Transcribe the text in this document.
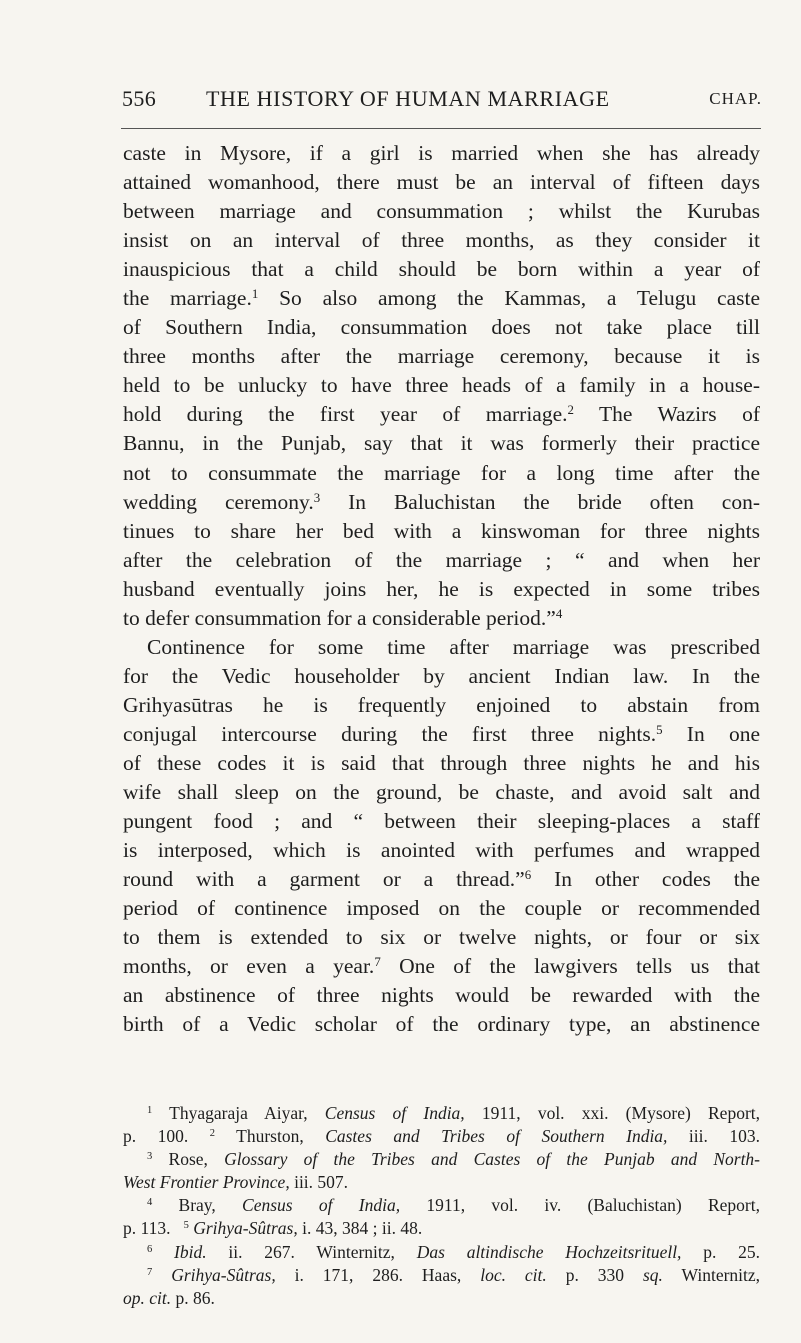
556 THE HISTORY OF HUMAN MARRIAGE	CHAP.
caste in Mysore, if a girl is married when she has already
attained womanhood, there must be an interval of fifteen days
between marriage and consummation ; whilst the Kurubas
insist on an interval of three months, as they consider it
inauspicious that a child should be born within a year of
the marriage.$^1$ So also among the Kammas, a Telugu caste
of Southern India, consummation does not take place till
three months after the marriage ceremony, because it is
held to be unlucky to have three heads of a family in a house-
hold during the first year of marriage.$^2$ The Wazirs of
Bannu, in the Punjab, say that it was formerly their practice
not to consummate the marriage for a long time after the
wedding ceremony.$^3$ In Baluchistan the bride often con-
tinues to share her bed with a kinswoman for three nights
after the celebration of the marriage ; “ and when her
husband eventually joins her, he is expected in some tribes
to defer consummation for a considerable period.”$^4$
Continence for some time after marriage was prescribed
for the Vedic householder by ancient Indian law. In the
Grihyasūtras he is frequently enjoined to abstain from
conjugal intercourse during the first three nights.$^5$ In one
of these codes it is said that through three nights he and his
wife shall sleep on the ground, be chaste, and avoid salt and
pungent food ; and “ between their sleeping-places a staff
is interposed, which is anointed with perfumes and wrapped
round with a garment or a thread.”$^6$ In other codes the
period of continence imposed on the couple or recommended
to them is extended to six or twelve nights, or four or six
months, or even a year.$^7$ One of the lawgivers tells us that
an abstinence of three nights would be rewarded with the
birth of a Vedic scholar of the ordinary type, an abstinence
$^1$ Thyagaraja Aiyar, Census of India, 1911, vol. xxi. (Mysore) Report,
p. 100. $^2$ Thurston, Castes and Tribes of Southern India, iii. 103.
$^3$ Rose, Glossary of the Tribes and Castes of the Punjab and North-
West Frontier Province, iii. 507.
$^4$ Bray, Census of India, 1911, vol. iv. (Baluchistan) Report,
p. 113. $^5$ Grihya-Sûtras, i. 43, 384 ; ii. 48.
$^6$ Ibid. ii. 267. Winternitz, Das altindische Hochzeitsrituell, p. 25.
$^7$ Grihya-Sûtras, i. 171, 286. Haas, loc. cit. p. 330 sq. Winternitz,
op. cit. p. 86.
